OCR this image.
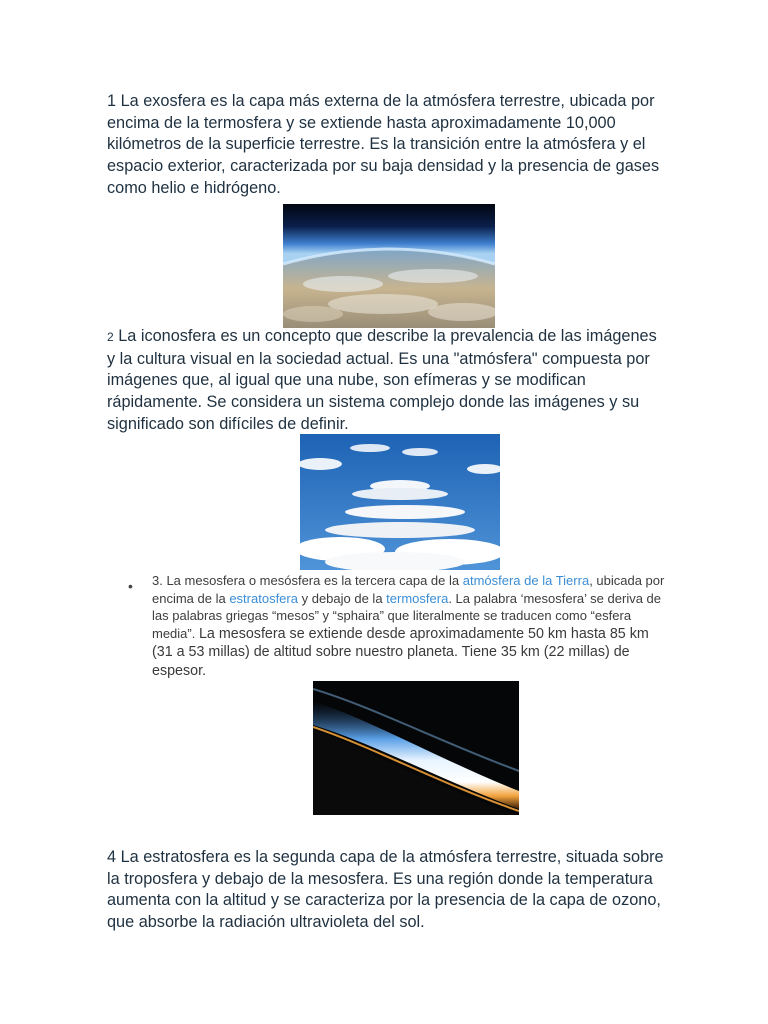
1 La exosfera es la capa más externa de la atmósfera terrestre, ubicada por encima de la termosfera y se extiende hasta aproximadamente 10,000 kilómetros de la superficie terrestre. Es la transición entre la atmósfera y el espacio exterior, caracterizada por su baja densidad y la presencia de gases como helio e hidrógeno.

2 La iconosfera es un concepto que describe la prevalencia de las imágenes y la cultura visual en la sociedad actual. Es una "atmósfera" compuesta por imágenes que, al igual que una nube, son efímeras y se modifican rápidamente. Se considera un sistema complejo donde las imágenes y su significado son difíciles de definir.

• 3. La mesosfera o mesósfera es la tercera capa de la atmósfera de la Tierra, ubicada por encima de la estratosfera y debajo de la termosfera. La palabra ‘mesosfera’ se deriva de las palabras griegas “mesos” y “sphaira” que literalmente se traducen como “esfera media”. La mesosfera se extiende desde aproximadamente 50 km hasta 85 km (31 a 53 millas) de altitud sobre nuestro planeta. Tiene 35 km (22 millas) de espesor.

4 La estratosfera es la segunda capa de la atmósfera terrestre, situada sobre la troposfera y debajo de la mesosfera. Es una región donde la temperatura aumenta con la altitud y se caracteriza por la presencia de la capa de ozono, que absorbe la radiación ultravioleta del sol.
